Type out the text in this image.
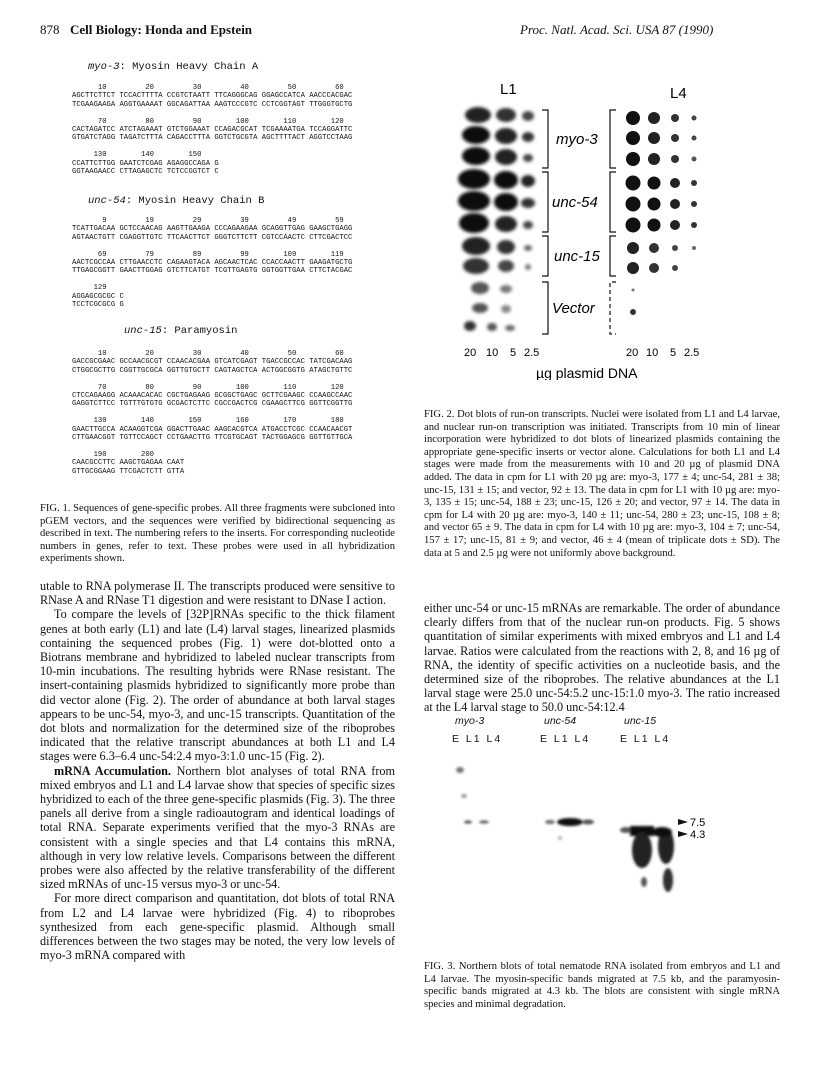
878 Cell Biology: Honda and Epstein	Proc. Natl. Acad. Sci. USA 87 (1990)
myo-3: Myosin Heavy Chain A
10         20         30         40         50         60
AGCTTCTTCT TCCACTTTTA CCGTCTAATT TTCAGGGCAG GGAGCCATCA AACCCACGAC
TCGAAGAAGA AGGTGAAAAT GGCAGATTAA AAGTCCCGTC CCTCGGTAGT TTGGGTGCTG

70         80         90        100        110        120
CACTAGATCC ATCTAGAAAT GTCTGGAAAT CCAGACGCAT TCGAAAATGA TCCAGGATTC
GTGATCTAGG TAGATCTTTA CAGACCTTTA GGTCTGCGTA AGCTTTTACT AGGTCCTAAG

130        140        150
CCATTCTTGG GAATCTCGAG AGAGGCCAGA G
GGTAAGAACC CTTAGAGCTC TCTCCGGTCT C
unc-54: Myosin Heavy Chain B
9         19         29         39         49         59
TCATTGACAA GCTCCAACAG AAGTTGAAGA CCCAGAAGAA GCAGGTTGAG GAAGCTGAGG
AGTAACTGTT CGAGGTTGTC TTCAACTTCT GGGTCTTCTT CGTCCAACTC CTTCGACTCC

69         79         89         99        109        119
AACTCGCCAA CTTGAACCTC CAGAAGTACA AGCAACTCAC CCACCAACTT GAAGATGCTG
TTGAGCGGTT GAACTTGGAG GTCTTCATGT TCGTTGAGTG GGTGGTTGAA CTTCTACGAC

129
AGGAGCGCGC C
TCCTCGCGCG G
unc-15: Paramyosin
10         20         30         40         50         60
GACCGCGAAC GCCAACGCGT CCAACACGAA GTCATCGAGT TGACCGCCAC TATCGACAAG
CTGGCGCTTG CGGTTGCGCA GGTTGTGCTT CAGTAGCTCA ACTGGCGGTG ATAGCTGTTC

70         80         90        100        110        120
CTCCAGAAGG ACAAACACAC CGCTGAGAAG GCGGCTGAGC GCTTCGAAGC CCAAGCCAAC
GAGGTCTTCC TGTTTGTGTG GCGACTCTTC CGCCGACTCG CGAAGCTTCG GGTTCGGTTG

130        140        150        160        170        180
GAACTTGCCA ACAAGGTCGA GGACTTGAAC AAGCACGTCA ATGACCTCGC CCAACAACGT
CTTGAACGGT TGTTCCAGCT CCTGAACTTG TTCGTGCAGT TACTGGAGCG GGTTGTTGCA

190        200
CAACGCCTTC AAGCTGAGAA CAAT
GTTGCGGAAG TTCGACTCTT GTTA
FIG. 1. Sequences of gene-specific probes. All three fragments were subcloned into pGEM vectors, and the sequences were verified by bidirectional sequencing as described in text. The numbering refers to the inserts. For corresponding nucleotide numbers in genes, refer to text. These probes were used in all hybridization experiments shown.

utable to RNA polymerase II. The transcripts produced were sensitive to RNase A and RNase T1 digestion and were resistant to DNase I action.

To compare the levels of [32P]RNAs specific to the thick filament genes at both early (L1) and late (L4) larval stages, linearized plasmids containing the sequenced probes (Fig. 1) were dot-blotted onto a Biotrans membrane and hybridized to labeled nuclear transcripts from 10-min incubations. The resulting hybrids were RNase resistant. The insert-containing plasmids hybridized to significantly more probe than did vector alone (Fig. 2). The order of abundance at both larval stages appears to be unc-54, myo-3, and unc-15 transcripts. Quantitation of the dot blots and normalization for the determined size of the riboprobes indicated that the relative transcript abundances at both L1 and L4 stages were 6.3–6.4 unc-54:2.4 myo-3:1.0 unc-15 (Fig. 2).

mRNA Accumulation. Northern blot analyses of total RNA from mixed embryos and L1 and L4 larvae show that species of specific sizes hybridized to each of the three gene-specific plasmids (Fig. 3). The three panels all derive from a single radioautogram and identical loadings of total RNA. Separate experiments verified that the myo-3 RNAs are consistent with a single species and that L4 contains this mRNA, although in very low relative levels. Comparisons between the different probes were also affected by the relative transferability of the different sized mRNAs of unc-15 versus myo-3 or unc-54.

For more direct comparison and quantitation, dot blots of total RNA from L2 and L4 larvae were hybridized (Fig. 4) to riboprobes synthesized from each gene-specific plasmid. Although small differences between the two stages may be noted, the very low levels of myo-3 mRNA compared with

L1	L4
myo-3
unc-54
unc-15
Vector
20 10 5 2.5	20 10 5 2.5
µg plasmid DNA
FIG. 2. Dot blots of run-on transcripts. Nuclei were isolated from L1 and L4 larvae, and nuclear run-on transcription was initiated. Transcripts from 10 min of linear incorporation were hybridized to dot blots of linearized plasmids containing the appropriate gene-specific inserts or vector alone. Calculations for both L1 and L4 stages were made from the measurements with 10 and 20 µg of plasmid DNA added. The data in cpm for L1 with 20 µg are: myo-3, 177 ± 4; unc-54, 281 ± 38; unc-15, 131 ± 15; and vector, 92 ± 13. The data in cpm for L1 with 10 µg are: myo-3, 135 ± 15; unc-54, 188 ± 23; unc-15, 126 ± 20; and vector, 97 ± 14. The data in cpm for L4 with 20 µg are: myo-3, 140 ± 11; unc-54, 280 ± 23; unc-15, 108 ± 8; and vector 65 ± 9. The data in cpm for L4 with 10 µg are: myo-3, 104 ± 7; unc-54, 157 ± 17; unc-15, 81 ± 9; and vector, 46 ± 4 (mean of triplicate dots ± SD). The data at 5 and 2.5 µg were not uniformly above background.

either unc-54 or unc-15 mRNAs are remarkable. The order of abundance clearly differs from that of the nuclear run-on products. Fig. 5 shows quantitation of similar experiments with mixed embryos and L1 and L4 larvae. Ratios were calculated from the reactions with 2, 8, and 16 µg of RNA, the identity of specific activities on a nucleotide basis, and the determined size of the riboprobes. The relative abundances at the L1 larval stage were 25.0 unc-54:5.2 unc-15:1.0 myo-3. The ratio increased at the L4 larval stage to 50.0 unc-54:12.4

myo-3	unc-54	unc-15
E L1 L4	E L1 L4	E L1 L4
7.5
4.3
FIG. 3. Northern blots of total nematode RNA isolated from embryos and L1 and L4 larvae. The myosin-specific bands migrated at 7.5 kb, and the paramyosin-specific bands migrated at 4.3 kb. The blots are consistent with single mRNA species and minimal degradation.
